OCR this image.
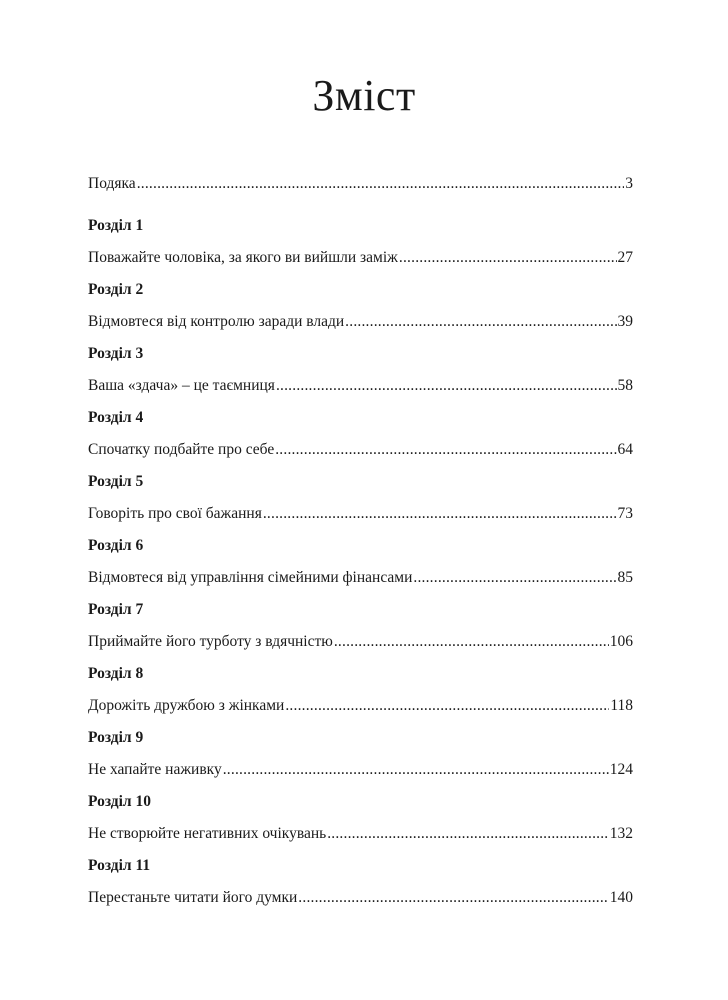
Зміст
Подяка .....	3
Розділ 1
Поважайте чоловіка, за якого ви вийшли заміж .....	27
Розділ 2
Відмовтеся від контролю заради влади .....	39
Розділ 3
Ваша «здача» – це таємниця .....	58
Розділ 4
Спочатку подбайте про себе .....	64
Розділ 5
Говоріть про свої бажання .....	73
Розділ 6
Відмовтеся від управління сімейними фінансами .....	85
Розділ 7
Приймайте його турботу з вдячністю .....	106
Розділ 8
Дорожіть дружбою з жінками .....	118
Розділ 9
Не хапайте наживку .....	124
Розділ 10
Не створюйте негативних очікувань .....	132
Розділ 11
Перестаньте читати його думки .....	140
